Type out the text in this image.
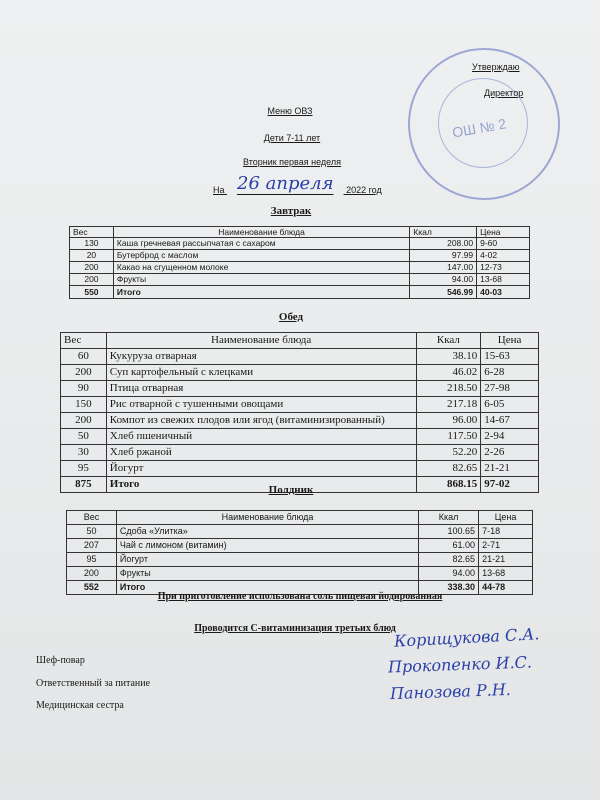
ОШ № 2
Утверждаю
Директор
Меню ОВЗ
Дети 7-11 лет
Вторник первая неделя
На 26 апреля 2022 год
Завтрак
Вес	Наименование блюда	Ккал	Цена
130	Каша гречневая рассыпчатая с сахаром	208.00	9-60
20	Бутерброд с маслом	97.99	4-02
200	Какао на сгущенном молоке	147.00	12-73
200	Фрукты	94.00	13-68
550	Итого	546.99	40-03
Обед
Вес	Наименование блюда	Ккал	Цена
60	Кукуруза отварная	38.10	15-63
200	Суп картофельный с клецками	46.02	6-28
90	Птица отварная	218.50	27-98
150	Рис отварной с тушенными овощами	217.18	6-05
200	Компот из свежих плодов или ягод (витаминизированный)	96.00	14-67
50	Хлеб пшеничный	117.50	2-94
30	Хлеб ржаной	52.20	2-26
95	Йогурт	82.65	21-21
875	Итого	868.15	97-02
Полдник
Вес	Наименование блюда	Ккал	Цена
50	Сдоба «Улитка»	100.65	7-18
207	Чай с лимоном (витамин)	61.00	2-71
95	Йогурт	82.65	21-21
200	Фрукты	94.00	13-68
552	Итого	338.30	44-78
При приготовление использована соль пищевая йодированная
Проводится С-витаминизация третьих блюд
Шеф-повар
Ответственный за питание
Медицинская сестра
Корищукова С.А.
Прокопенко И.С.
Панозова Р.Н.
